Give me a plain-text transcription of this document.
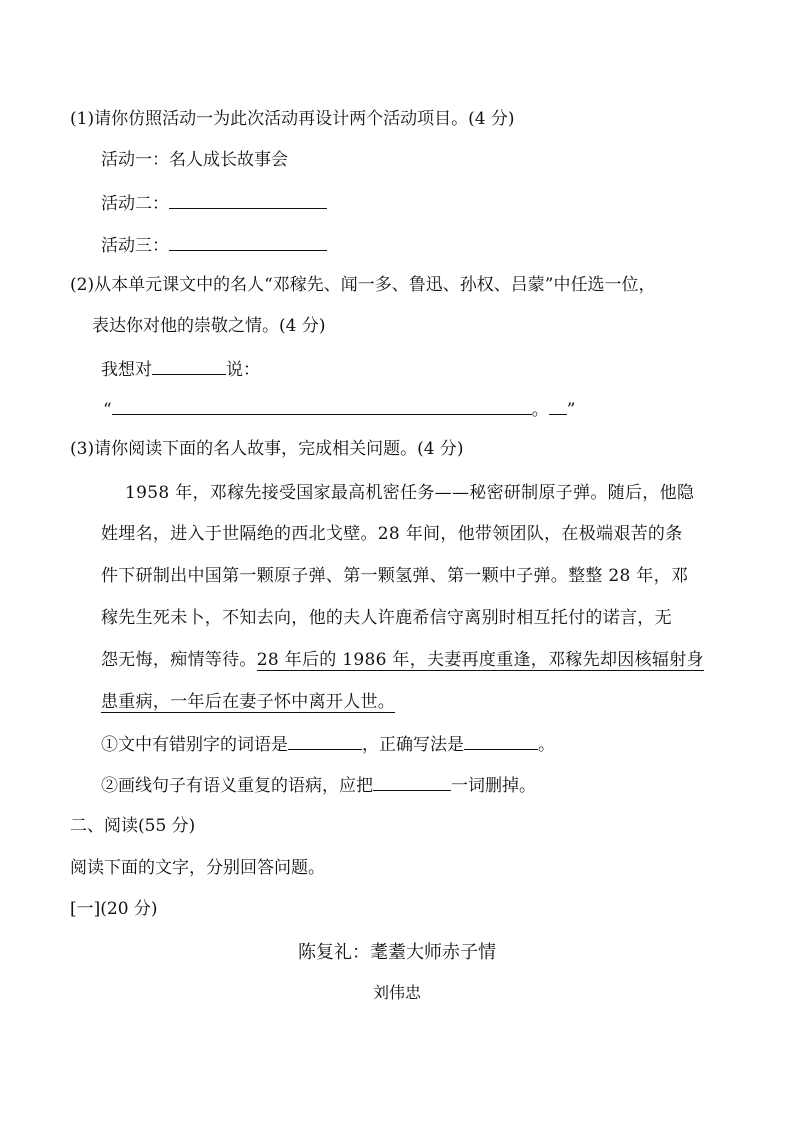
(1)请你仿照活动一为此次活动再设计两个活动项目。(4 分)
活动一：名人成长故事会
活动二：
活动三：
(2)从本单元课文中的名人“邓稼先、闻一多、鲁迅、孙权、吕蒙”中任选一位，
表达你对他的崇敬之情。(4 分)
我想对	说：
“	。 ”
(3)请你阅读下面的名人故事，完成相关问题。(4 分)
1958 年，邓稼先接受国家最高机密任务——秘密研制原子弹。随后，他隐
姓埋名，进入于世隔绝的西北戈壁。28 年间，他带领团队，在极端艰苦的条
件下研制出中国第一颗原子弹、第一颗氢弹、第一颗中子弹。整整 28 年，邓
稼先生死未卜，不知去向，他的夫人许鹿希信守离别时相互托付的诺言，无
怨无悔，痴情等待。28 年后的 1986 年，夫妻再度重逢，邓稼先却因核辐射身
患重病，一年后在妻子怀中离开人世。
①文中有错别字的词语是	，正确写法是	。
②画线句子有语义重复的语病，应把	一词删掉。
二、阅读(55 分)
阅读下面的文字，分别回答问题。
[一](20 分)
陈复礼：耄耋大师赤子情
刘伟忠
